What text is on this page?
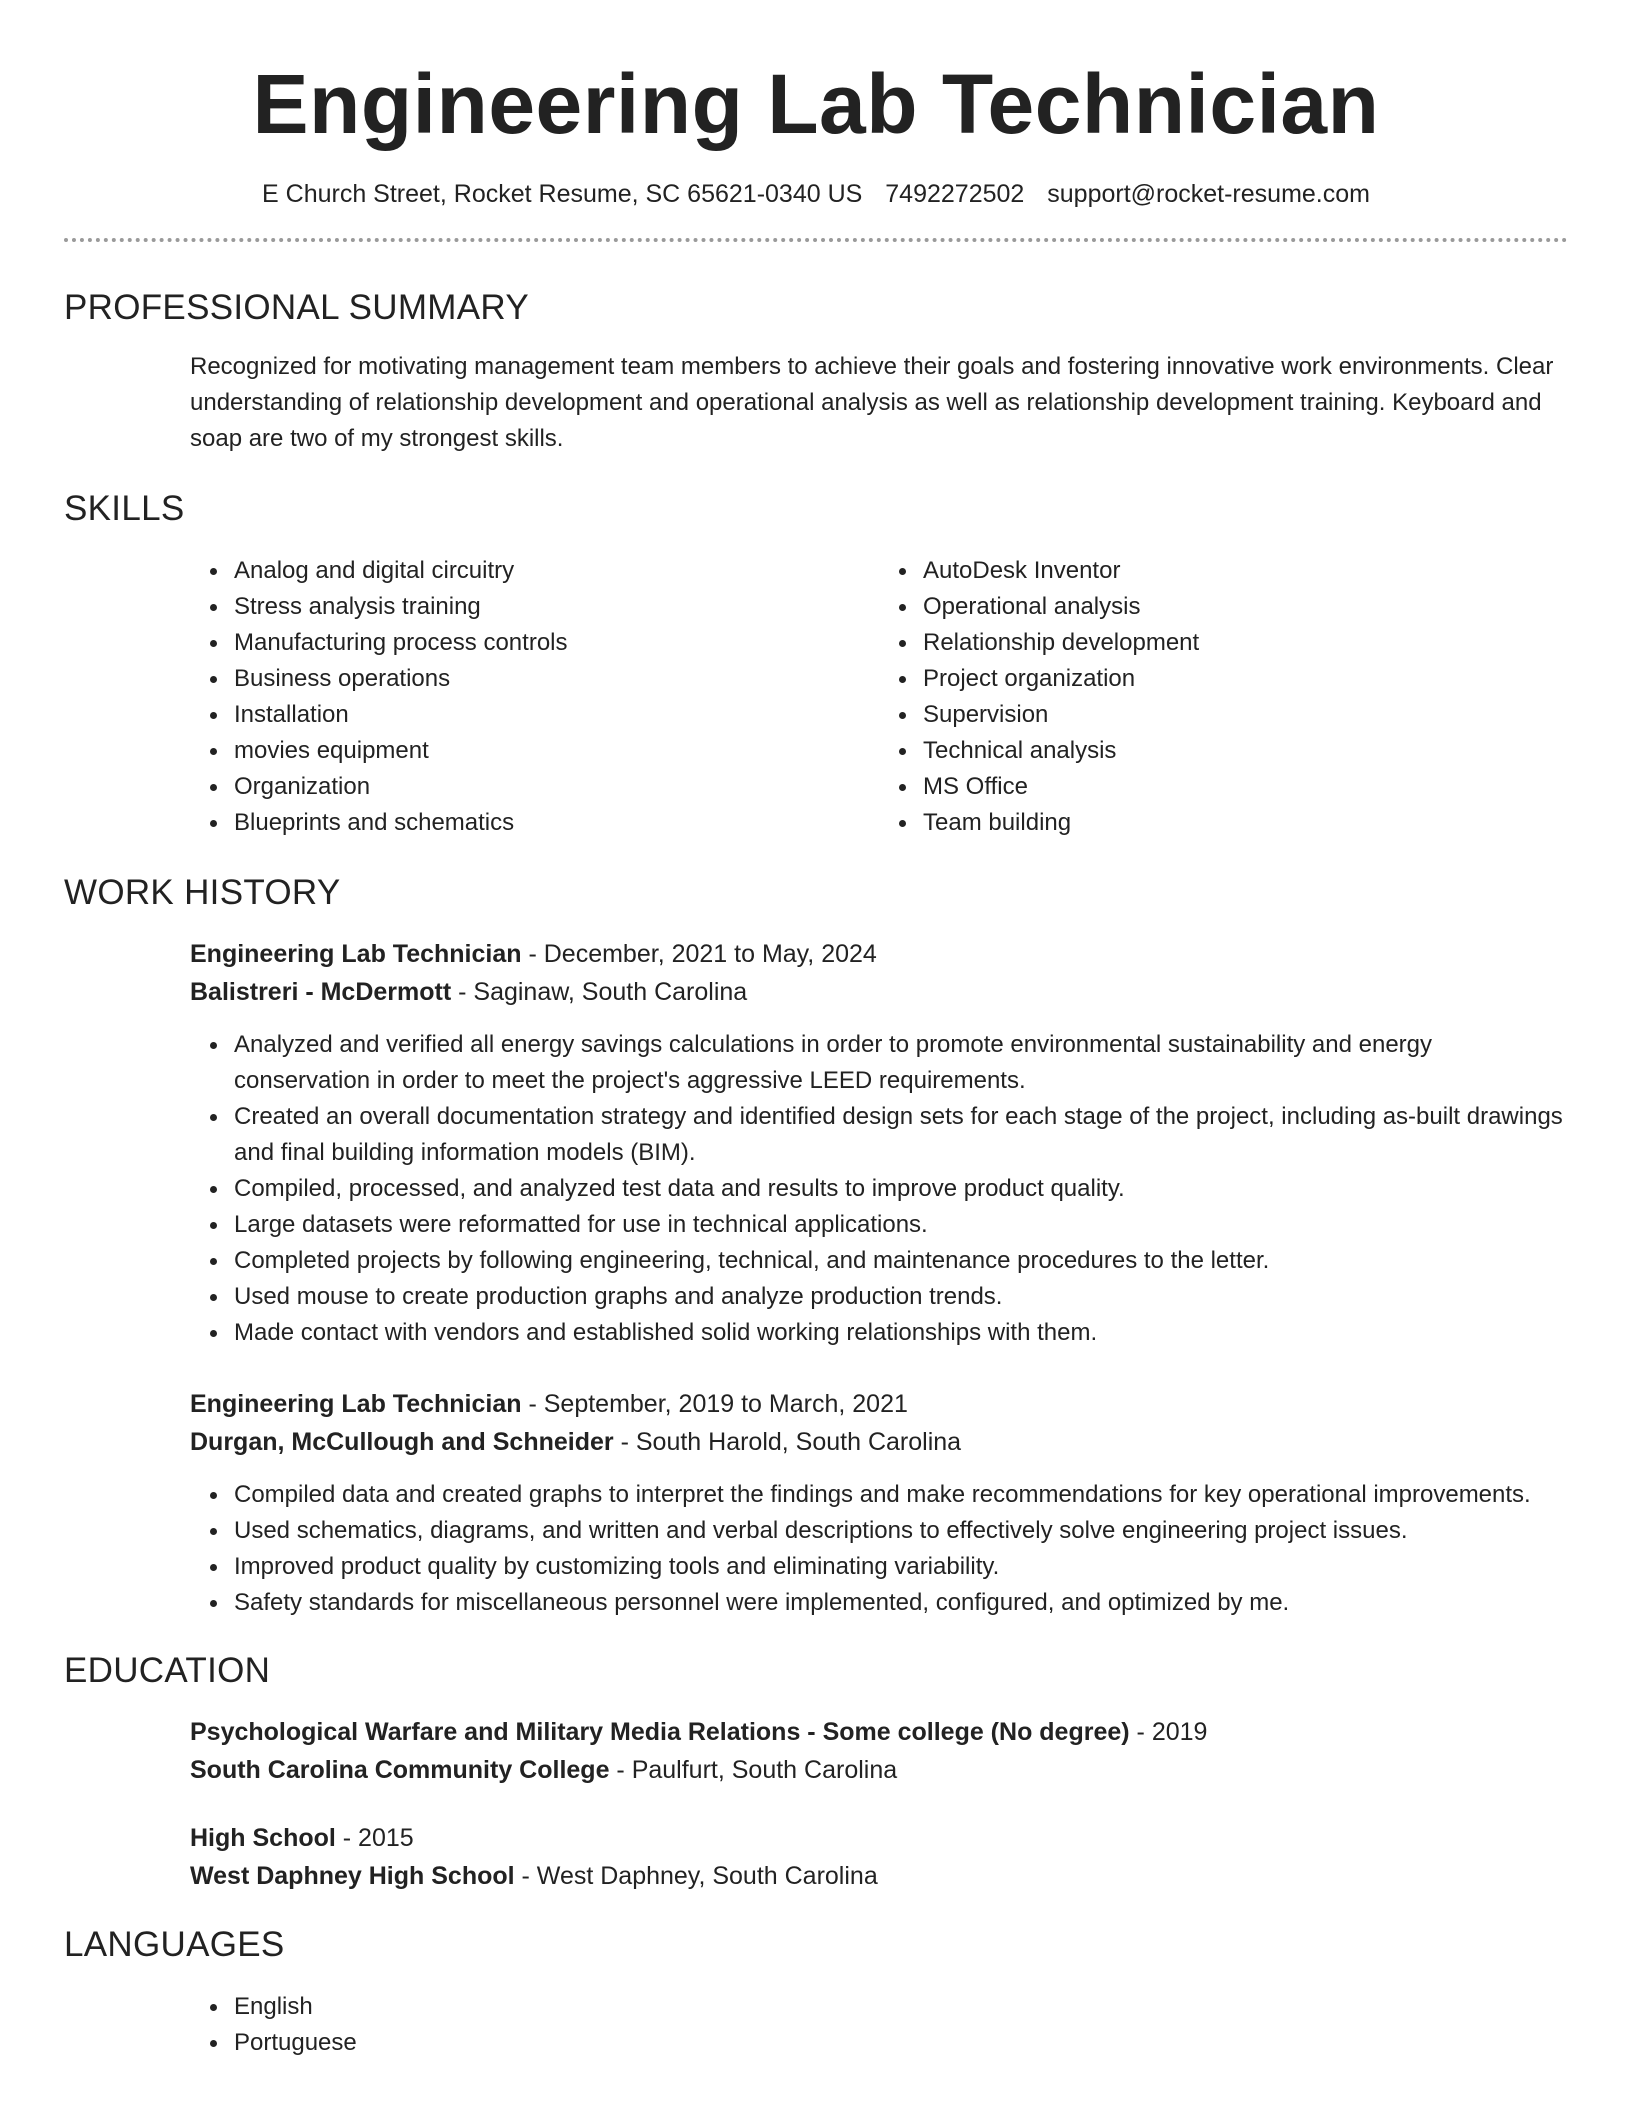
Engineering Lab Technician
E Church Street, Rocket Resume, SC 65621-0340 US 7492272502 support@rocket-resume.com
PROFESSIONAL SUMMARY

Recognized for motivating management team members to achieve their goals and fostering innovative work environments. Clear understanding of relationship development and operational analysis as well as relationship development training. Keyboard and soap are two of my strongest skills.

SKILLS
Analog and digital circuitry
Stress analysis training
Manufacturing process controls
Business operations
Installation
movies equipment
Organization
Blueprints and schematics
AutoDesk Inventor
Operational analysis
Relationship development
Project organization
Supervision
Technical analysis
MS Office
Team building
WORK HISTORY
Engineering Lab Technician - December, 2021 to May, 2024
Balistreri - McDermott - Saginaw, South Carolina
Analyzed and verified all energy savings calculations in order to promote environmental sustainability and energy conservation in order to meet the project's aggressive LEED requirements.
Created an overall documentation strategy and identified design sets for each stage of the project, including as-built drawings and final building information models (BIM).
Compiled, processed, and analyzed test data and results to improve product quality.
Large datasets were reformatted for use in technical applications.
Completed projects by following engineering, technical, and maintenance procedures to the letter.
Used mouse to create production graphs and analyze production trends.
Made contact with vendors and established solid working relationships with them.
Engineering Lab Technician - September, 2019 to March, 2021
Durgan, McCullough and Schneider - South Harold, South Carolina
Compiled data and created graphs to interpret the findings and make recommendations for key operational improvements.
Used schematics, diagrams, and written and verbal descriptions to effectively solve engineering project issues.
Improved product quality by customizing tools and eliminating variability.
Safety standards for miscellaneous personnel were implemented, configured, and optimized by me.
EDUCATION
Psychological Warfare and Military Media Relations - Some college (No degree) - 2019
South Carolina Community College - Paulfurt, South Carolina
High School - 2015
West Daphney High School - West Daphney, South Carolina
LANGUAGES
English
Portuguese
